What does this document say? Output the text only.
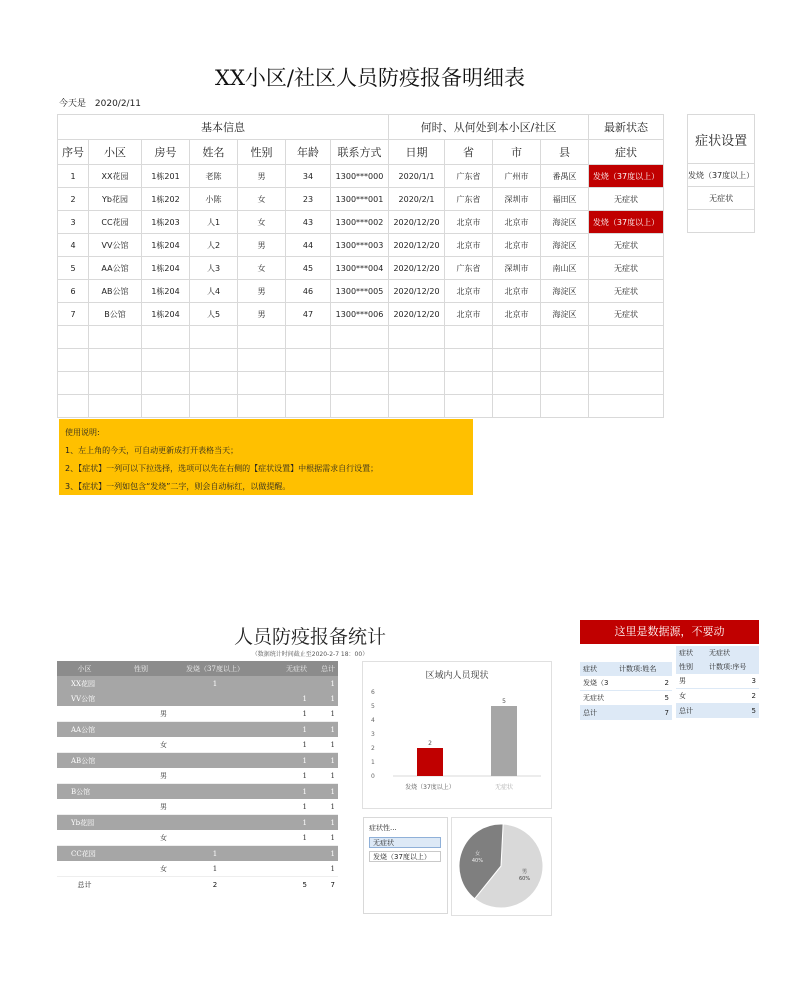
XX小区/社区人员防疫报备明细表
今天是 2020/2/11
基本信息							何时、从何处到本小区/社区				最新状态
序号	小区	房号	姓名	性别	年龄	联系方式	日期	省	市	县	症状
1	XX花园	1栋201	老陈	男	34	1300***000	2020/1/1	广东省	广州市	番禺区	发烧（37度以上）
2	Yb花园	1栋202	小陈	女	23	1300***001	2020/2/1	广东省	深圳市	福田区	无症状
3	CC花园	1栋203	人1	女	43	1300***002	2020/12/20	北京市	北京市	海淀区	发烧（37度以上）
4	VV公馆	1栋204	人2	男	44	1300***003	2020/12/20	北京市	北京市	海淀区	无症状
5	AA公馆	1栋204	人3	女	45	1300***004	2020/12/20	广东省	深圳市	南山区	无症状
6	AB公馆	1栋204	人4	男	46	1300***005	2020/12/20	北京市	北京市	海淀区	无症状
7	B公馆	1栋204	人5	男	47	1300***006	2020/12/20	北京市	北京市	海淀区	无症状

症状设置
发烧（37度以上）
无症状

使用说明:
1、左上角的今天，可自动更新成打开表格当天；
2、【症状】一列可以下拉选择，选项可以先在右侧的【症状设置】中根据需求自行设置；
3、【症状】一列如包含“发烧”二字，则会自动标红，以做提醒。
人员防疫报备统计
（数据统计时间截止至2020-2-7 18：00）
小区	性别	发烧（37度以上）	无症状	总计
XX花园		1		1
VV公馆			1	1
	男		1	1
AA公馆			1	1
	女		1	1
AB公馆			1	1
	男		1	1
B公馆			1	1
	男		1	1
Yb花园			1	1
	女		1	1
CC花园		1		1
	女	1		1
总计		2	5	7
区域内人员现状
0
1
2
3
4
5
6
2
发烧（37度以上）
5
无症状
症状性...
无症状
发烧（37度以上）
男 60%
女 40%
这里是数据源，不要动
症状	计数项:姓名
发烧（3	2
无症状	5
总计	7
症状	无症状
性别	计数项:序号
男	3
女	2
总计	5
